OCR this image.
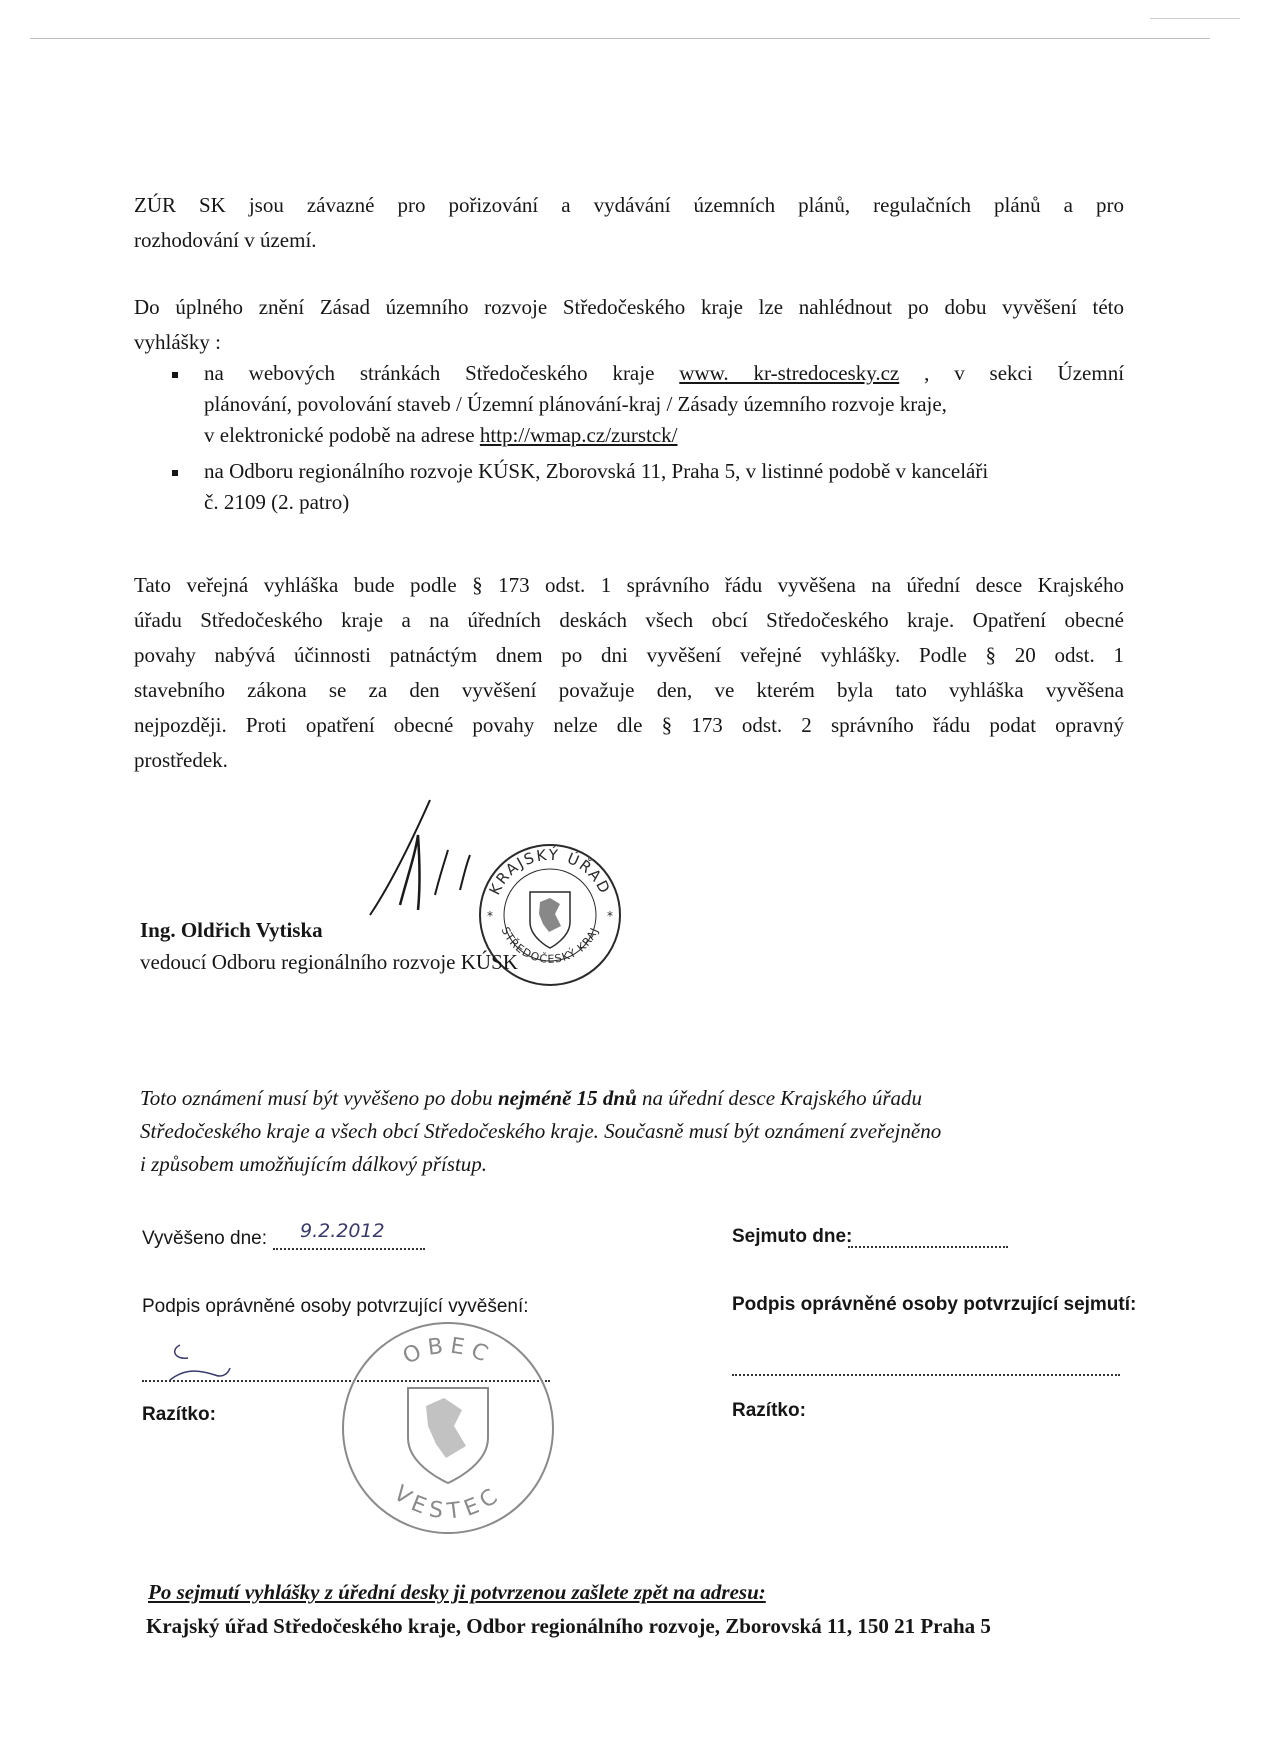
ZÚR SK jsou závazné pro pořizování a vydávání územních plánů, regulačních plánů a pro
rozhodování v území.

Do úplného znění Zásad územního rozvoje Středočeského kraje lze nahlédnout po dobu vyvěšení této
vyhlášky :

na webových stránkách Středočeského kraje www. kr-stredocesky.cz , v sekci Územní
plánování, povolování staveb / Územní plánování-kraj / Zásady územního rozvoje kraje,
v elektronické podobě na adrese http://wmap.cz/zurstck/
na Odboru regionálního rozvoje KÚSK, Zborovská 11, Praha 5, v listinné podobě v kanceláři
č. 2109 (2. patro)

Tato veřejná vyhláška bude podle § 173 odst. 1 správního řádu vyvěšena na úřední desce Krajského
úřadu Středočeského kraje a na úředních deskách všech obcí Středočeského kraje. Opatření obecné
povahy nabývá účinnosti patnáctým dnem po dni vyvěšení veřejné vyhlášky. Podle § 20 odst. 1
stavebního zákona se za den vyvěšení považuje den, ve kterém byla tato vyhláška vyvěšena
nejpozději. Proti opatření obecné povahy nelze dle § 173 odst. 2 správního řádu podat opravný
prostředek.

KRAJSKÝ ÚŘAD
STŘEDOČESKÝ KRAJ
*	*
Ing. Oldřich Vytiska
vedoucí Odboru regionálního rozvoje KÚSK

Toto oznámení musí být vyvěšeno po dobu nejméně 15 dnů na úřední desce Krajského úřadu
Středočeského kraje a všech obcí Středočeského kraje. Současně musí být oznámení zveřejněno
i způsobem umožňujícím dálkový přístup.

Vyvěšeno dne: 9.2.2012	Sejmuto dne:
Podpis oprávněné osoby potvrzující vyvěšení:	Podpis oprávněné osoby potvrzující sejmutí:
Razítko:	Razítko:
OBEC
VESTEC
Po sejmutí vyhlášky z úřední desky ji potvrzenou zašlete zpět na adresu:
Krajský úřad Středočeského kraje, Odbor regionálního rozvoje, Zborovská 11, 150 21 Praha 5
